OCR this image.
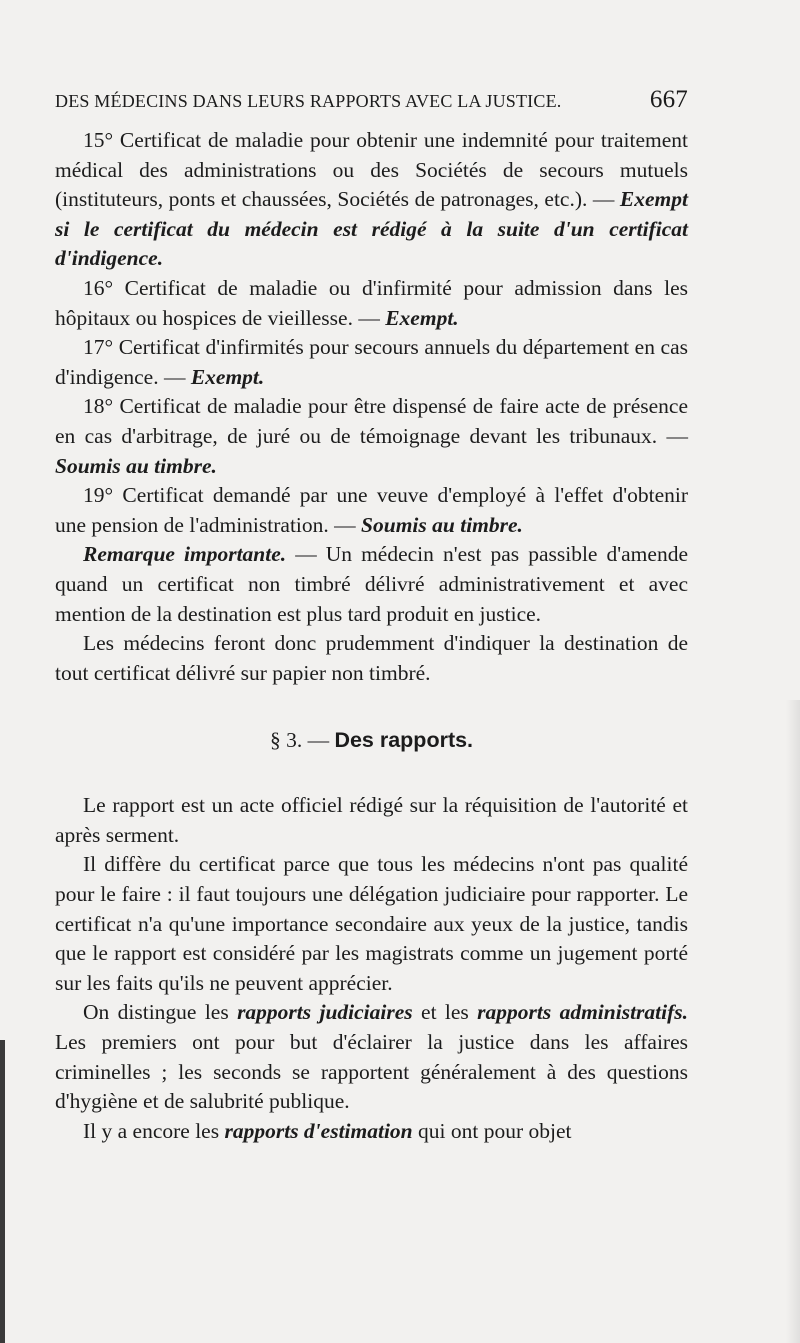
DES MÉDECINS DANS LEURS RAPPORTS AVEC LA JUSTICE.	667

15° Certificat de maladie pour obtenir une indemnité pour traitement médical des administrations ou des Sociétés de secours mutuels (instituteurs, ponts et chaussées, Sociétés de patronages, etc.). — Exempt si le certificat du médecin est rédigé à la suite d'un certificat d'indigence.

16° Certificat de maladie ou d'infirmité pour admission dans les hôpitaux ou hospices de vieillesse. — Exempt.

17° Certificat d'infirmités pour secours annuels du département en cas d'indigence. — Exempt.

18° Certificat de maladie pour être dispensé de faire acte de présence en cas d'arbitrage, de juré ou de témoignage devant les tribunaux. — Soumis au timbre.

19° Certificat demandé par une veuve d'employé à l'effet d'obtenir une pension de l'administration. — Soumis au timbre.

Remarque importante. — Un médecin n'est pas passible d'amende quand un certificat non timbré délivré administrativement et avec mention de la destination est plus tard produit en justice.

Les médecins feront donc prudemment d'indiquer la destination de tout certificat délivré sur papier non timbré.

§ 3. — Des rapports.

Le rapport est un acte officiel rédigé sur la réquisition de l'autorité et après serment.

Il diffère du certificat parce que tous les médecins n'ont pas qualité pour le faire : il faut toujours une délégation judiciaire pour rapporter. Le certificat n'a qu'une importance secondaire aux yeux de la justice, tandis que le rapport est considéré par les magistrats comme un jugement porté sur les faits qu'ils ne peuvent apprécier.

On distingue les rapports judiciaires et les rapports administratifs. Les premiers ont pour but d'éclairer la justice dans les affaires criminelles ; les seconds se rapportent généralement à des questions d'hygiène et de salubrité publique.

Il y a encore les rapports d'estimation qui ont pour objet
